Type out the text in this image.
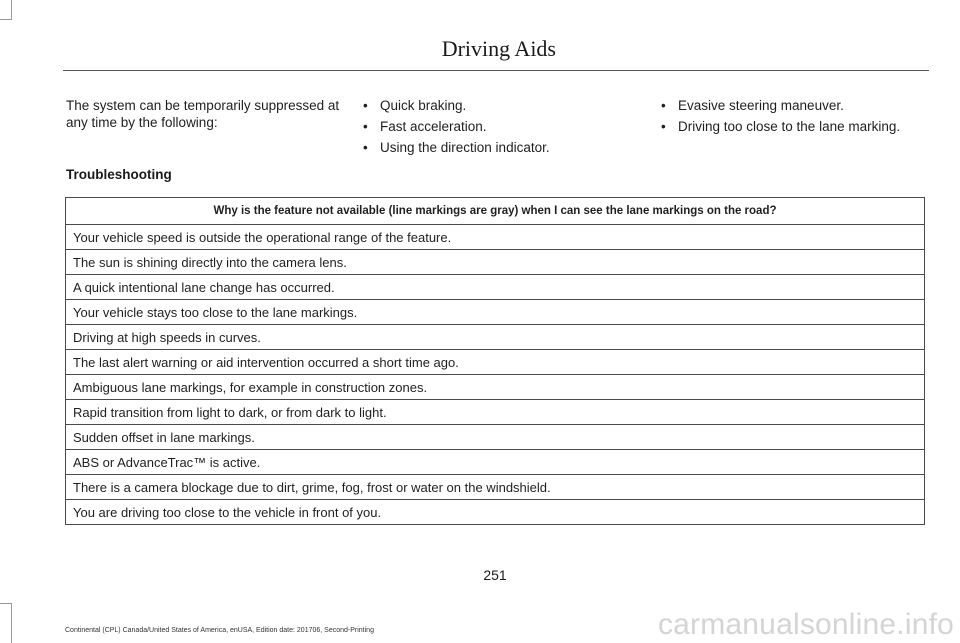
Driving Aids

The system can be temporarily suppressed at any time by the following:

• Quick braking.
• Fast acceleration.
• Using the direction indicator.
• Evasive steering maneuver.
• Driving too close to the lane marking.
Troubleshooting
Why is the feature not available (line markings are gray) when I can see the lane markings on the road?
Your vehicle speed is outside the operational range of the feature.
The sun is shining directly into the camera lens.
A quick intentional lane change has occurred.
Your vehicle stays too close to the lane markings.
Driving at high speeds in curves.
The last alert warning or aid intervention occurred a short time ago.
Ambiguous lane markings, for example in construction zones.
Rapid transition from light to dark, or from dark to light.
Sudden offset in lane markings.
ABS or AdvanceTrac™ is active.
There is a camera blockage due to dirt, grime, fog, frost or water on the windshield.
You are driving too close to the vehicle in front of you.
251
Continental (CPL) Canada/United States of America, enUSA, Edition date: 201706, Second-Printing	carmanualsonline.info
